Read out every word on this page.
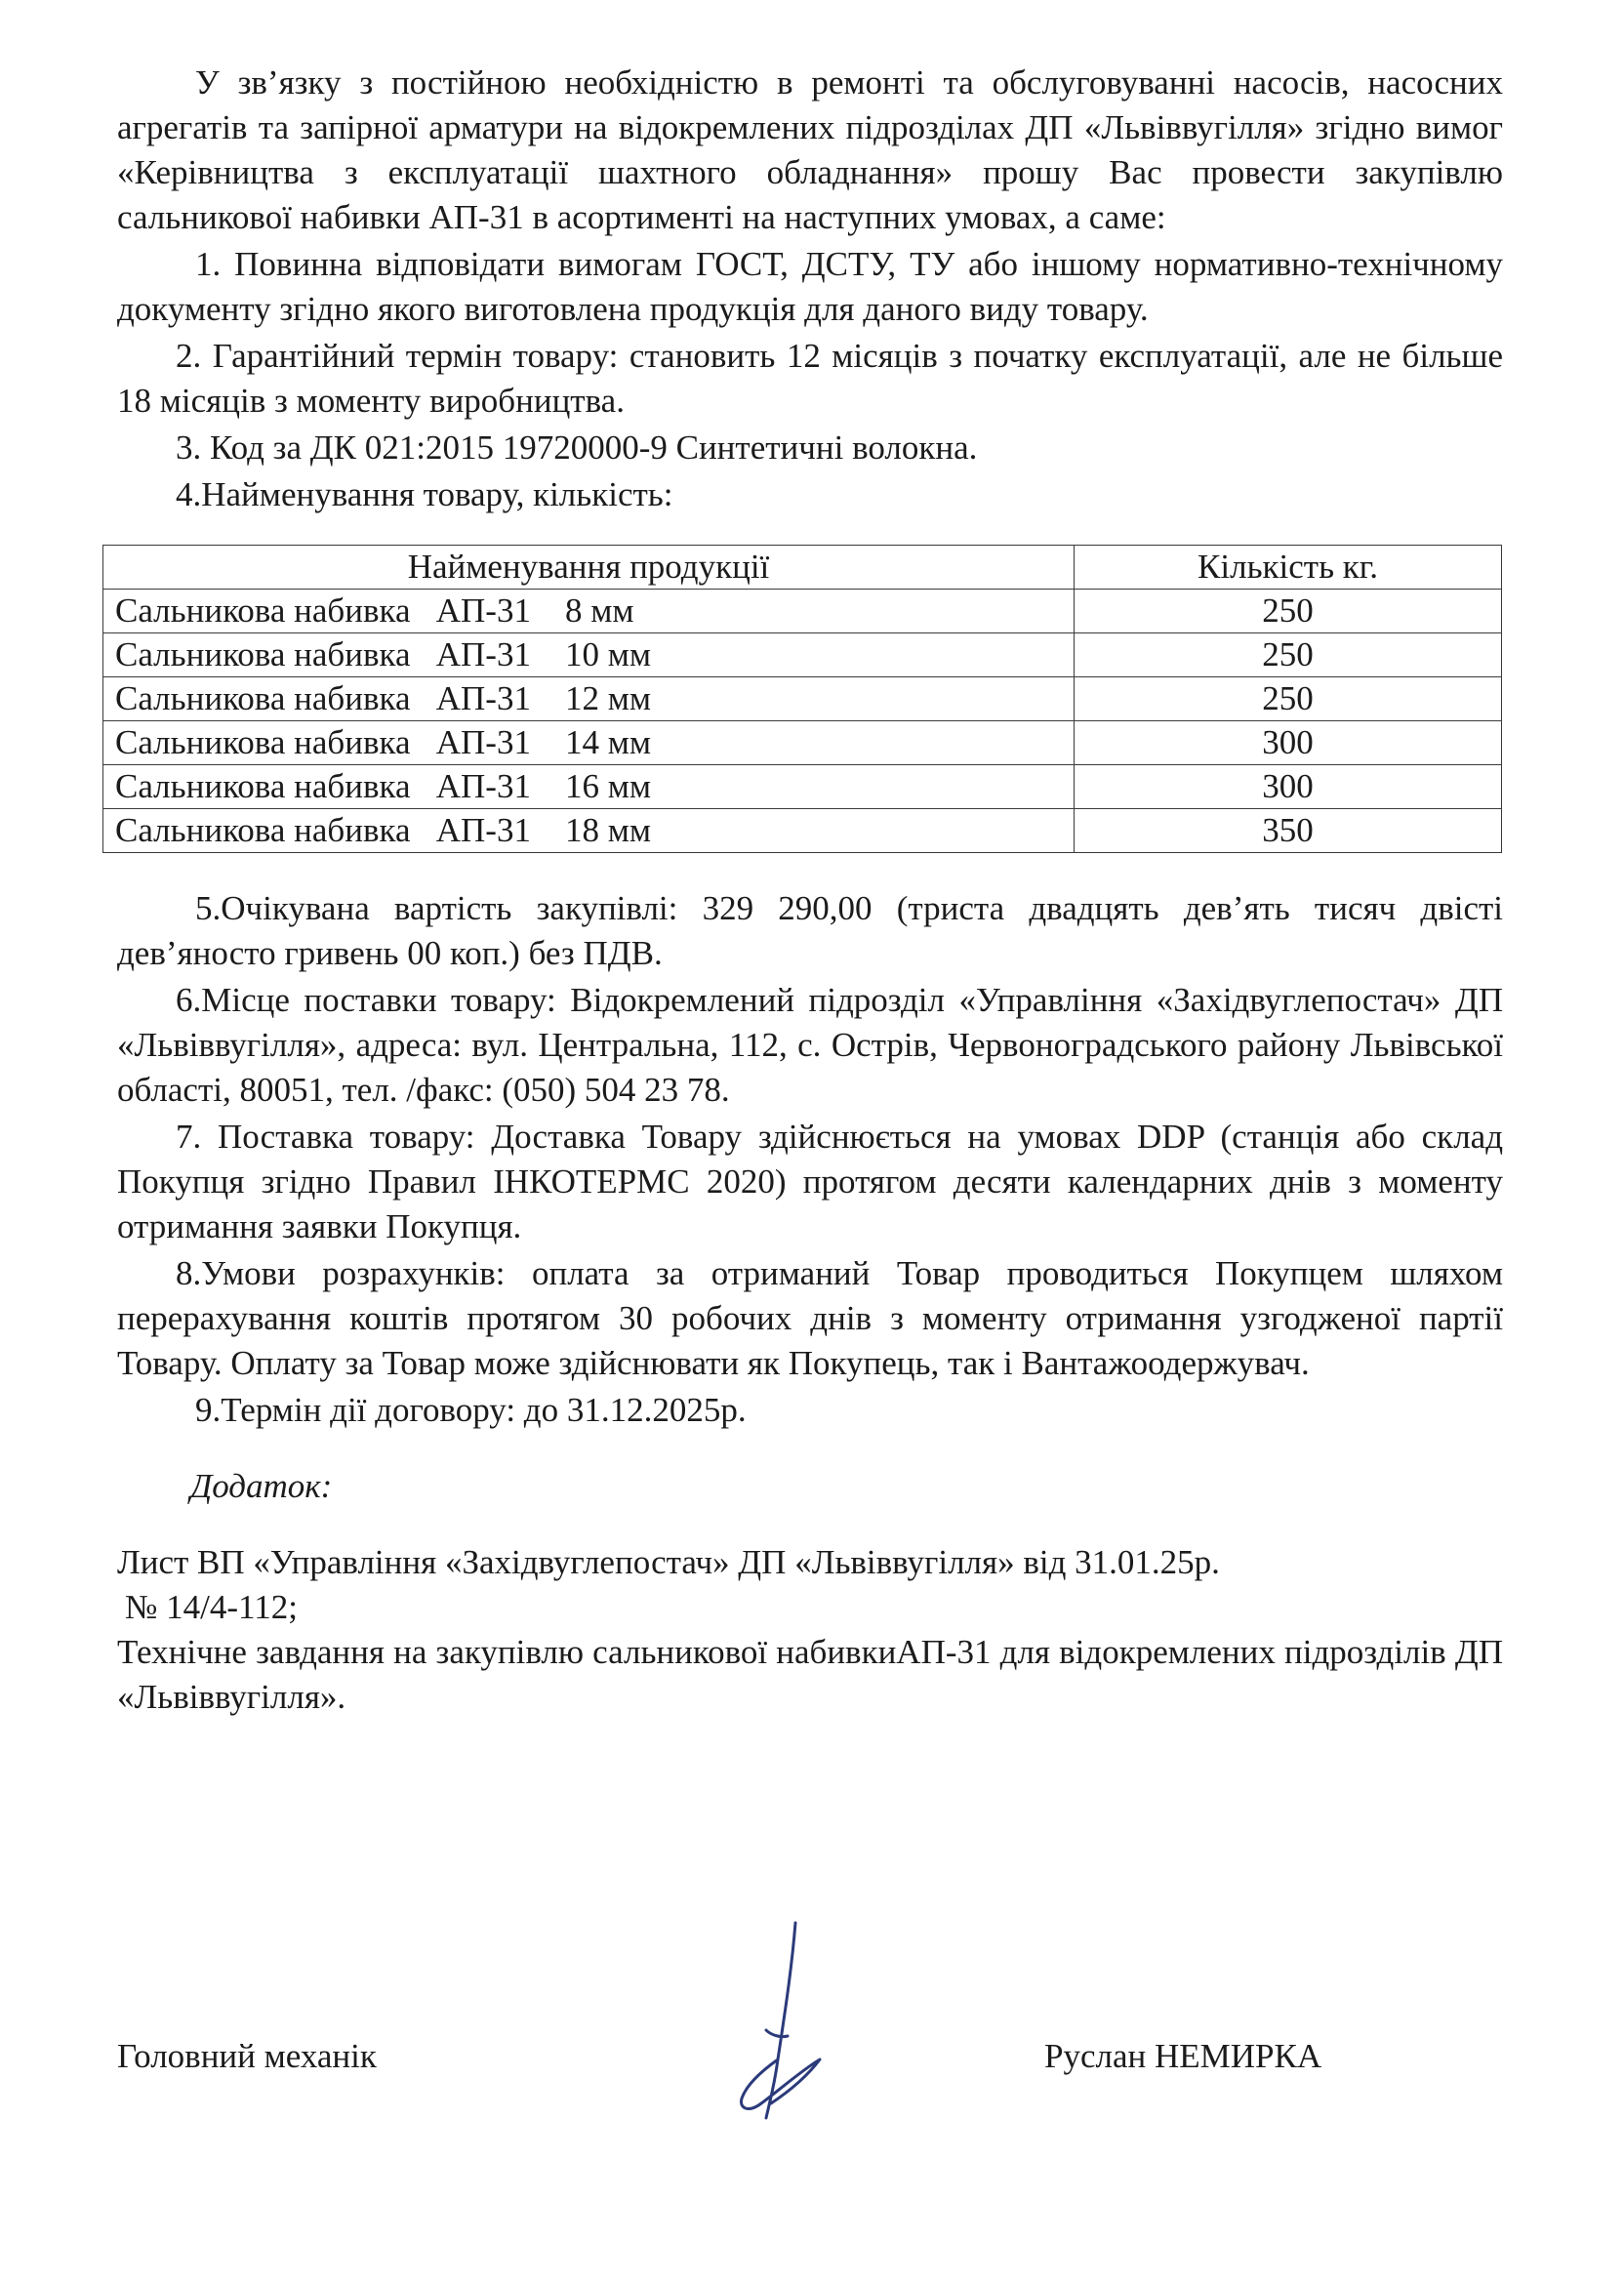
У зв’язку з постійною необхідністю в ремонті та обслуговуванні насосів, насосних агрегатів та запірної арматури на відокремлених підрозділах ДП «Львіввугілля» згідно вимог «Керівництва з експлуатації шахтного обладнання» прошу Вас провести закупівлю сальникової набивки АП-31 в асортименті на наступних умовах, а саме:

1. Повинна відповідати вимогам ГОСТ, ДСТУ, ТУ або іншому нормативно-технічному документу згідно якого виготовлена продукція для даного виду товару.

2. Гарантійний термін товару: становить 12 місяців з початку експлуатації, але не більше 18 місяців з моменту виробництва.

3. Код за ДК 021:2015 19720000-9 Синтетичні волокна.

4.Найменування товару, кількість:

Найменування продукції	Кількість кг.
Сальникова набивка   АП-31    8 мм	250
Сальникова набивка   АП-31    10 мм	250
Сальникова набивка   АП-31    12 мм	250
Сальникова набивка   АП-31    14 мм	300
Сальникова набивка   АП-31    16 мм	300
Сальникова набивка   АП-31    18 мм	350

5.Очікувана вартість закупівлі: 329 290,00 (триста двадцять дев’ять тисяч двісті дев’яносто гривень 00 коп.) без ПДВ.

6.Місце поставки товару: Відокремлений підрозділ «Управління «Західвуглепостач» ДП «Львіввугілля», адреса: вул. Центральна, 112, с. Острів, Червоноградського району Львівської області, 80051, тел. /факс: (050) 504 23 78.

7. Поставка товару: Доставка Товару здійснюється на умовах DDP (станція або склад Покупця згідно Правил ІНКОТЕРМС 2020) протягом десяти календарних днів з моменту отримання заявки Покупця.

8.Умови розрахунків: оплата за отриманий Товар проводиться Покупцем шляхом перерахування коштів протягом 30 робочих днів з моменту отримання узгодженої партії Товару. Оплату за Товар може здійснювати як Покупець, так і Вантажоодержувач.

9.Термін дії договору: до 31.12.2025р.

Додаток:

Лист ВП «Управління «Західвуглепостач» ДП «Львіввугілля» від 31.01.25р.

№ 14/4-112;

Технічне завдання на закупівлю сальникової набивкиАП-31 для відокремлених підрозділів ДП «Львіввугілля».

Головний механік	Руслан НЕМИРКА
